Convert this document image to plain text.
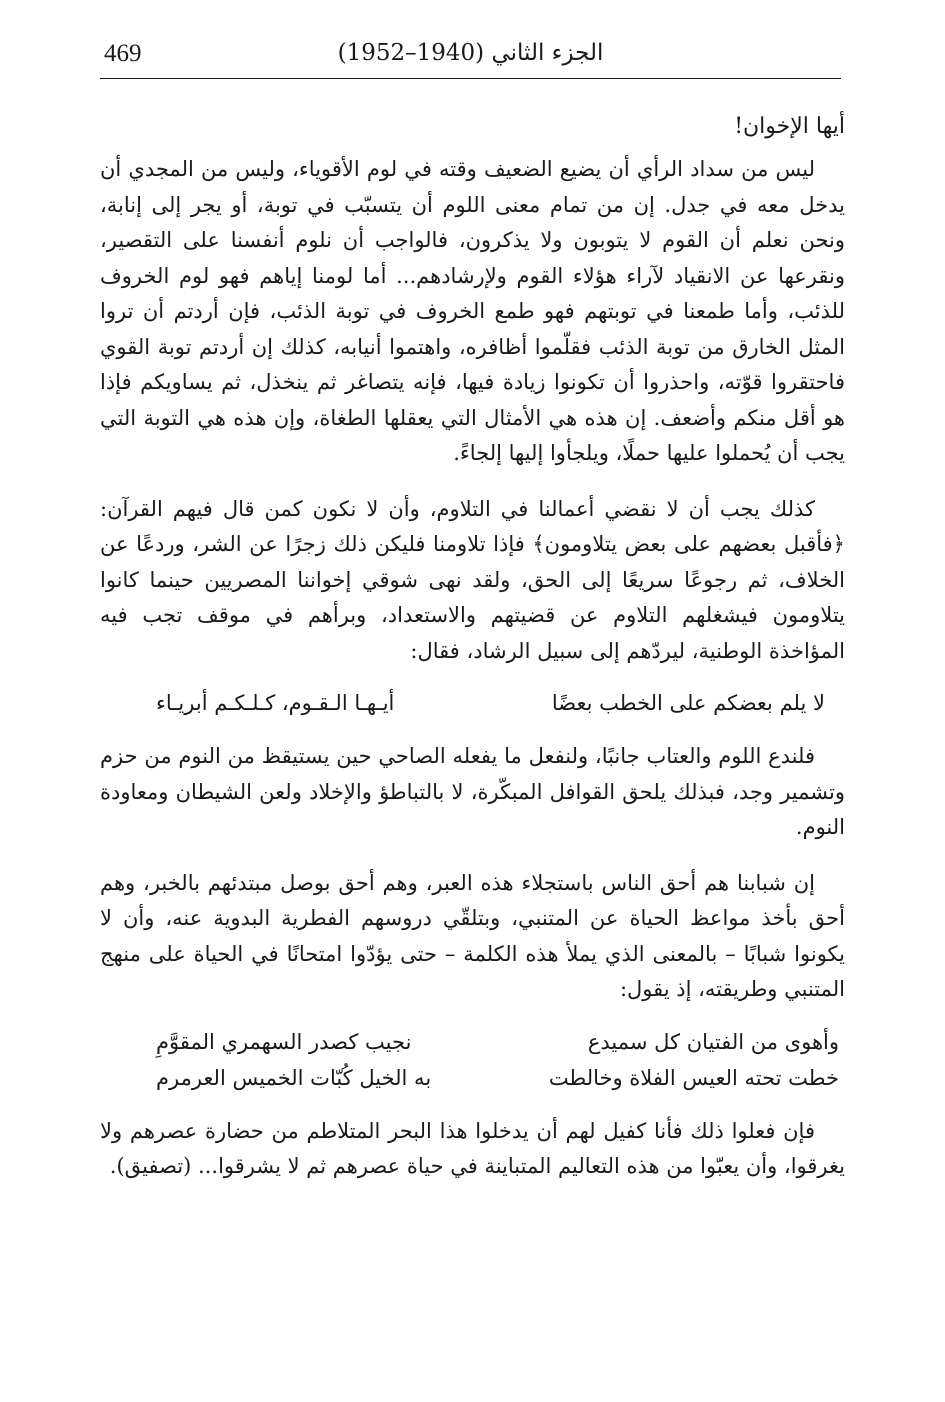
469	الجزء الثاني (1940–1952)
أيها الإخوان!

ليس من سداد الرأي أن يضيع الضعيف وقته في لوم الأقوياء، وليس من المجدي أن يدخل معه في جدل. إن من تمام معنى اللوم أن يتسبّب في توبة، أو يجر إلى إنابة، ونحن نعلم أن القوم لا يتوبون ولا يذكرون، فالواجب أن نلوم أنفسنا على التقصير، ونقرعها عن الانقياد لآراء هؤلاء القوم ولإرشادهم... أما لومنا إياهم فهو لوم الخروف للذئب، وأما طمعنا في توبتهم فهو طمع الخروف في توبة الذئب، فإن أردتم أن تروا المثل الخارق من توبة الذئب فقلّموا أظافره، واهتموا أنيابه، كذلك إن أردتم توبة القوي فاحتقروا قوّته، واحذروا أن تكونوا زيادة فيها، فإنه يتصاغر ثم ينخذل، ثم يساويكم فإذا هو أقل منكم وأضعف. إن هذه هي الأمثال التي يعقلها الطغاة، وإن هذه هي التوبة التي يجب أن يُحملوا عليها حملًا، ويلجأوا إليها إلجاءً.

كذلك يجب أن لا نقضي أعمالنا في التلاوم، وأن لا نكون كمن قال فيهم القرآن: ﴿فأقبل بعضهم على بعض يتلاومون﴾ فإذا تلاومنا فليكن ذلك زجرًا عن الشر، وردعًا عن الخلاف، ثم رجوعًا سريعًا إلى الحق، ولقد نهى شوقي إخواننا المصريين حينما كانوا يتلاومون فيشغلهم التلاوم عن قضيتهم والاستعداد، وبرأهم في موقف تجب فيه المؤاخذة الوطنية، ليردّهم إلى سبيل الرشاد، فقال:

لا يلم بعضكم على الخطب بعضًا
أيـهـا الـقـوم، كـلـكـم أبريـاء

فلندع اللوم والعتاب جانبًا، ولنفعل ما يفعله الصاحي حين يستيقظ من النوم من حزم وتشمير وجد، فبذلك يلحق القوافل المبكّرة، لا بالتباطؤ والإخلاد ولعن الشيطان ومعاودة النوم.

إن شبابنا هم أحق الناس باستجلاء هذه العبر، وهم أحق بوصل مبتدئهم بالخبر، وهم أحق بأخذ مواعظ الحياة عن المتنبي، وبتلقّي دروسهم الفطرية البدوية عنه، وأن لا يكونوا شبابًا – بالمعنى الذي يملأ هذه الكلمة – حتى يؤدّوا امتحانًا في الحياة على منهج المتنبي وطريقته، إذ يقول:

وأهوى من الفتيان كل سميدع
نجيب كصدر السهمري المقوَّمِ
خطت تحته العيس الفلاة وخالطت
به الخيل كُبّات الخميس العرمرم

فإن فعلوا ذلك فأنا كفيل لهم أن يدخلوا هذا البحر المتلاطم من حضارة عصرهم ولا يغرقوا، وأن يعبّوا من هذه التعاليم المتباينة في حياة عصرهم ثم لا يشرقوا... (تصفيق).
